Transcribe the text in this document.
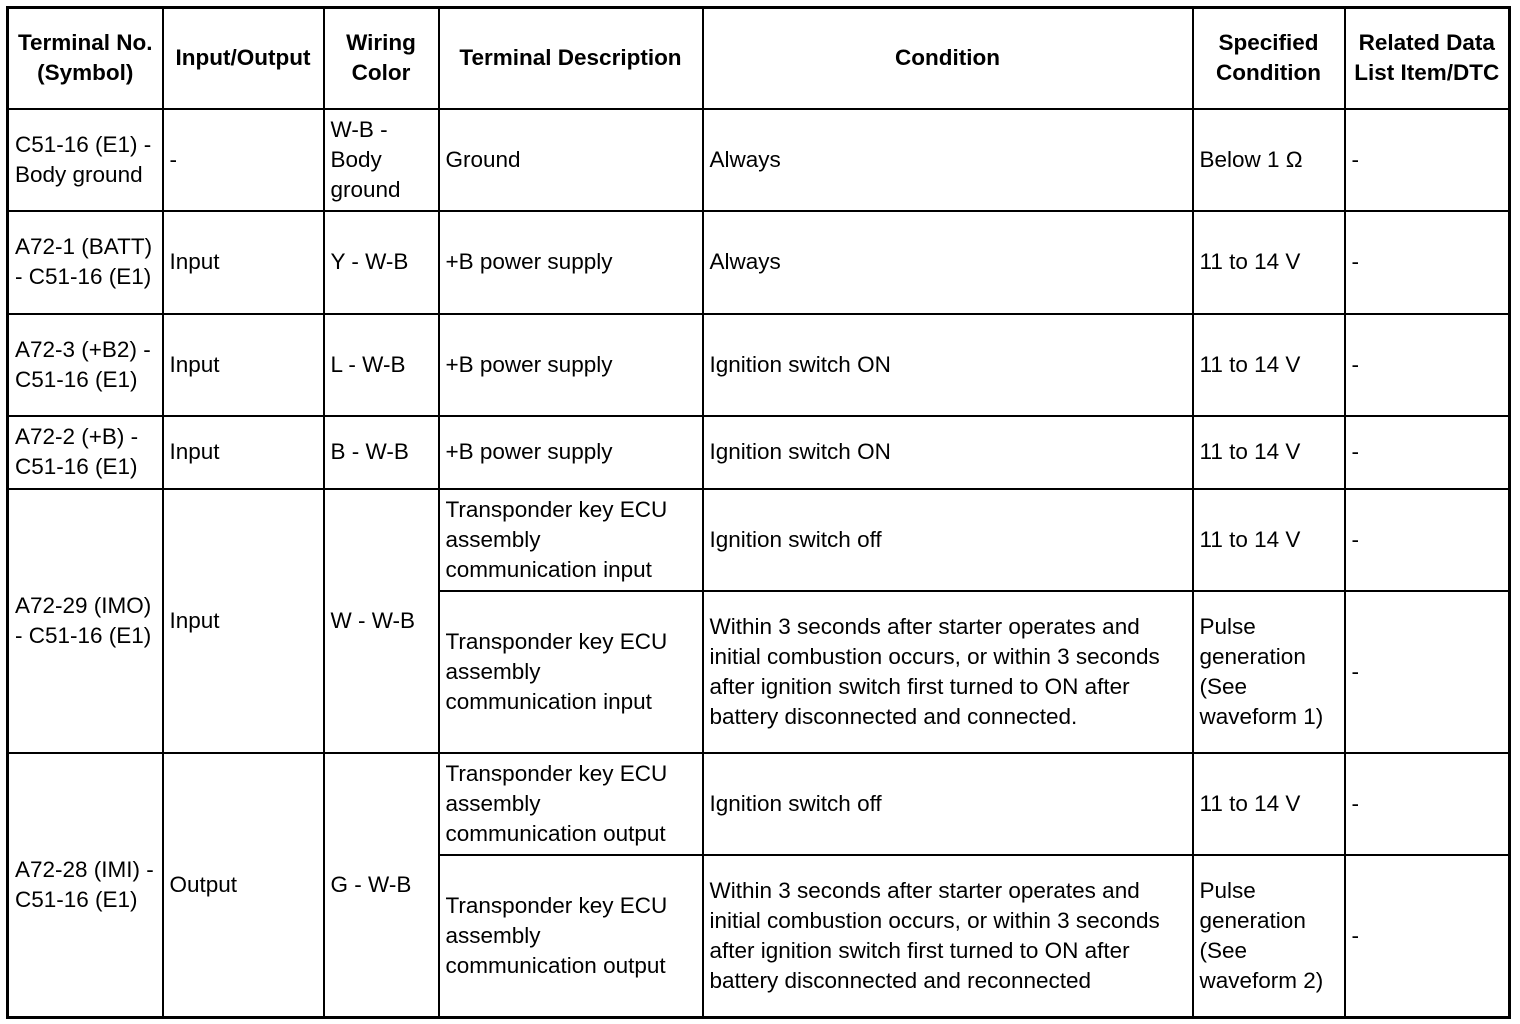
Terminal No. (Symbol)	Input/Output	Wiring Color	Terminal Description	Condition	Specified Condition	Related Data List Item/DTC
C51-16 (E1) - Body ground	-	W-B - Body ground	Ground	Always	Below 1 Ω	-
A72-1 (BATT) - C51-16 (E1)	Input	Y - W-B	+B power supply	Always	11 to 14 V	-
A72-3 (+B2) - C51-16 (E1)	Input	L - W-B	+B power supply	Ignition switch ON	11 to 14 V	-
A72-2 (+B) - C51-16 (E1)	Input	B - W-B	+B power supply	Ignition switch ON	11 to 14 V	-
A72-29 (IMO) - C51-16 (E1)	Input	W - W-B	Transponder key ECU assembly communication input	Ignition switch off	11 to 14 V	-
			Transponder key ECU assembly communication input	Within 3 seconds after starter operates and initial combustion occurs, or within 3 seconds after ignition switch first turned to ON after battery disconnected and connected.	Pulse generation (See waveform 1)	-
A72-28 (IMI) - C51-16 (E1)	Output	G - W-B	Transponder key ECU assembly communication output	Ignition switch off	11 to 14 V	-
			Transponder key ECU assembly communication output	Within 3 seconds after starter operates and initial combustion occurs, or within 3 seconds after ignition switch first turned to ON after battery disconnected and reconnected	Pulse generation (See waveform 2)	-
